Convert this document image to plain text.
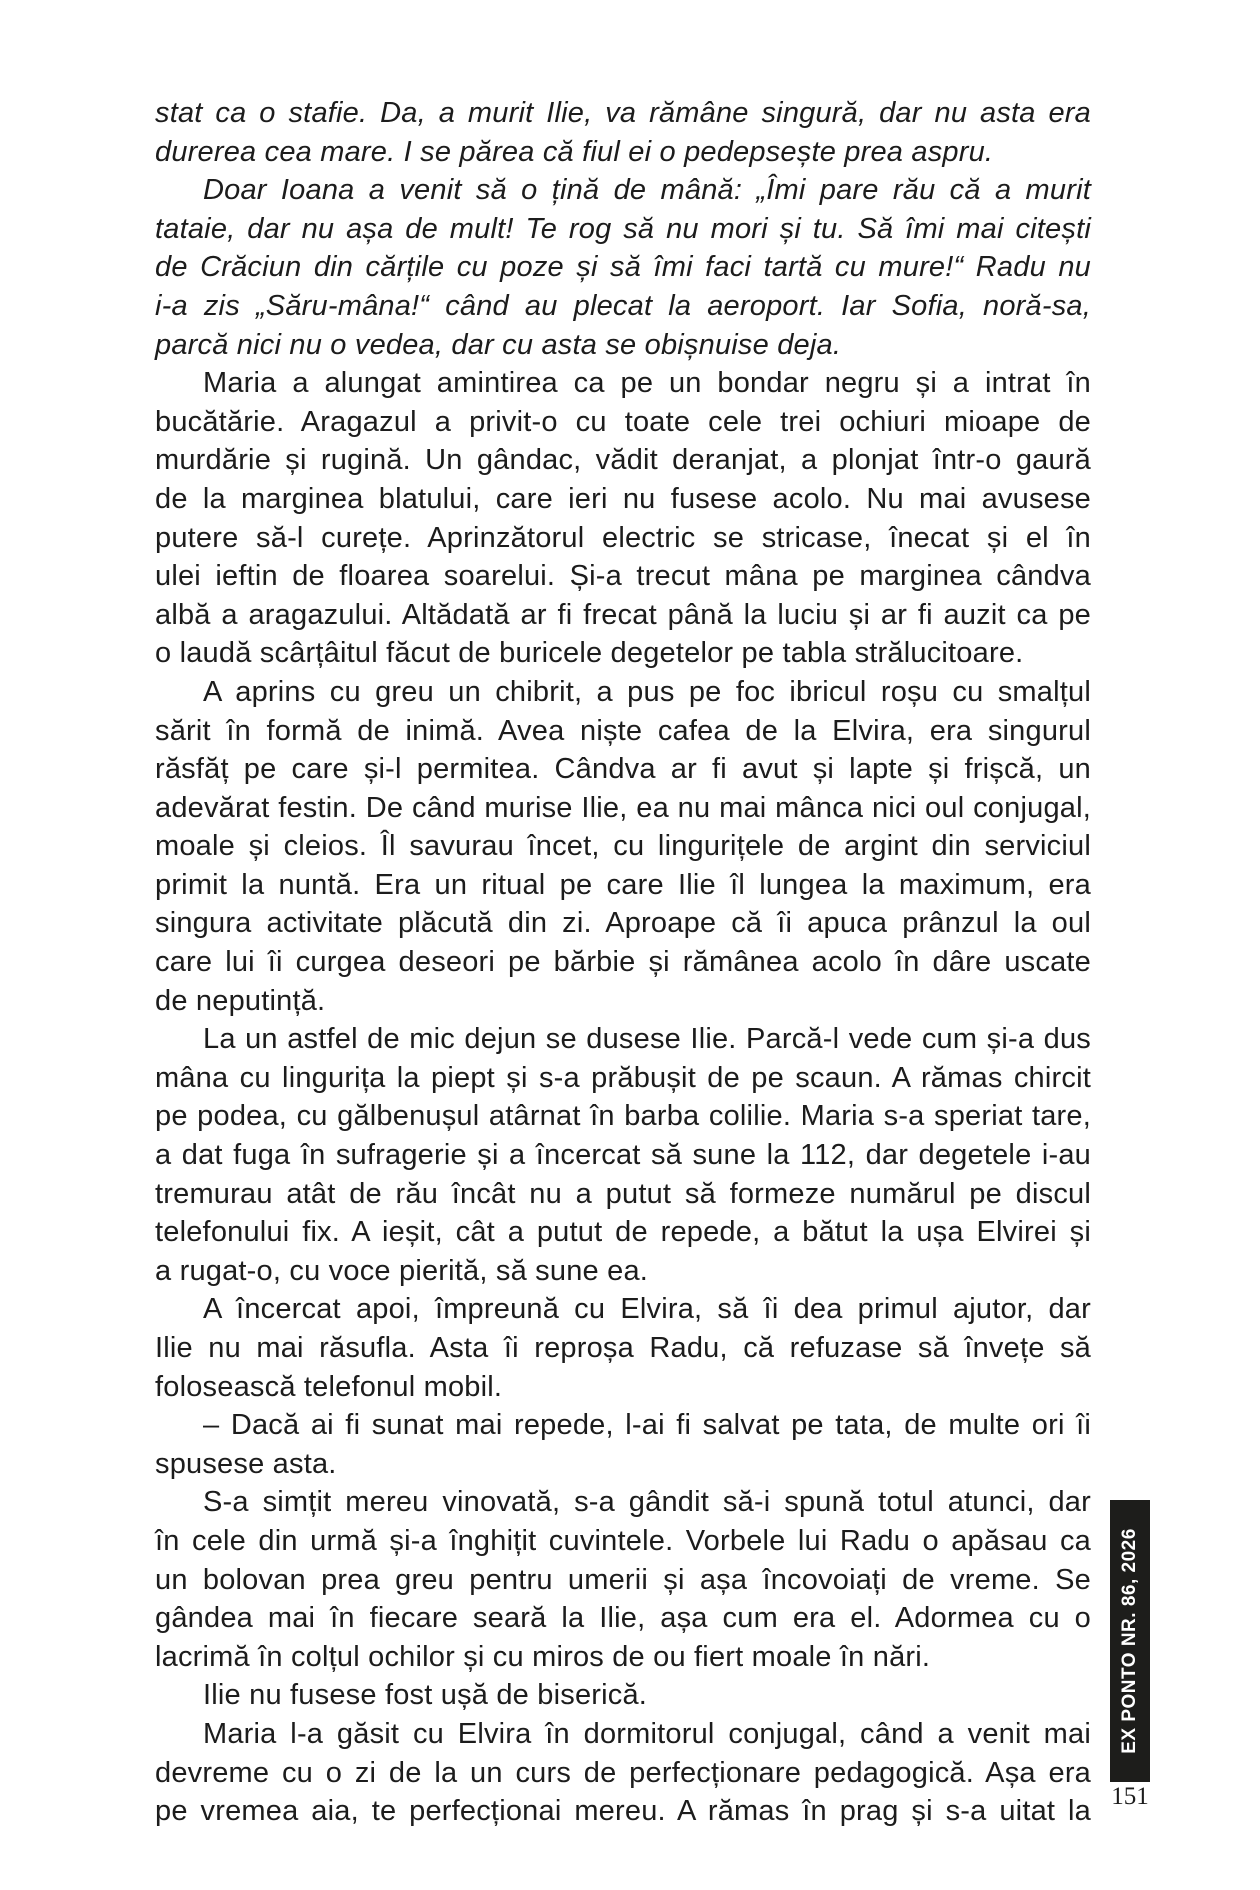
stat ca o stafie. Da, a murit Ilie, va rămâne singură, dar nu asta era
durerea cea mare. I se părea că fiul ei o pedepsește prea aspru.
Doar Ioana a venit să o țină de mână: „Îmi pare rău că a murit
tataie, dar nu așa de mult! Te rog să nu mori și tu. Să îmi mai citești
de Crăciun din cărțile cu poze și să îmi faci tartă cu mure!“ Radu nu
i-a zis „Săru-mâna!“ când au plecat la aeroport. Iar Sofia, noră-sa,
parcă nici nu o vedea, dar cu asta se obișnuise deja.
Maria a alungat amintirea ca pe un bondar negru și a intrat în
bucătărie. Aragazul a privit-o cu toate cele trei ochiuri mioape de
murdărie și rugină. Un gândac, vădit deranjat, a plonjat într-o gaură
de la marginea blatului, care ieri nu fusese acolo. Nu mai avusese
putere să-l curețe. Aprinzătorul electric se stricase, înecat și el în
ulei ieftin de floarea soarelui. Și-a trecut mâna pe marginea cândva
albă a aragazului. Altădată ar fi frecat până la luciu și ar fi auzit ca pe
o laudă scârțâitul făcut de buricele degetelor pe tabla strălucitoare.
A aprins cu greu un chibrit, a pus pe foc ibricul roșu cu smalțul
sărit în formă de inimă. Avea niște cafea de la Elvira, era singurul
răsfăț pe care și-l permitea. Cândva ar fi avut și lapte și frișcă, un
adevărat festin. De când murise Ilie, ea nu mai mânca nici oul conjugal,
moale și cleios. Îl savurau încet, cu lingurițele de argint din serviciul
primit la nuntă. Era un ritual pe care Ilie îl lungea la maximum, era
singura activitate plăcută din zi. Aproape că îi apuca prânzul la oul
care lui îi curgea deseori pe bărbie și rămânea acolo în dâre uscate
de neputință.
La un astfel de mic dejun se dusese Ilie. Parcă-l vede cum și-a dus
mâna cu lingurița la piept și s-a prăbușit de pe scaun. A rămas chircit
pe podea, cu gălbenușul atârnat în barba colilie. Maria s-a speriat tare,
a dat fuga în sufragerie și a încercat să sune la 112, dar degetele i-au
tremurau atât de rău încât nu a putut să formeze numărul pe discul
telefonului fix. A ieșit, cât a putut de repede, a bătut la ușa Elvirei și
a rugat-o, cu voce pierită, să sune ea.
A încercat apoi, împreună cu Elvira, să îi dea primul ajutor, dar
Ilie nu mai răsufla. Asta îi reproșa Radu, că refuzase să învețe să
folosească telefonul mobil.
– Dacă ai fi sunat mai repede, l-ai fi salvat pe tata, de multe ori îi
spusese asta.
S-a simțit mereu vinovată, s-a gândit să-i spună totul atunci, dar
în cele din urmă și-a înghițit cuvintele. Vorbele lui Radu o apăsau ca
un bolovan prea greu pentru umerii și așa încovoiați de vreme. Se
gândea mai în fiecare seară la Ilie, așa cum era el. Adormea cu o
lacrimă în colțul ochilor și cu miros de ou fiert moale în nări.
Ilie nu fusese fost ușă de biserică.
Maria l-a găsit cu Elvira în dormitorul conjugal, când a venit mai
devreme cu o zi de la un curs de perfecționare pedagogică. Așa era
pe vremea aia, te perfecționai mereu. A rămas în prag și s-a uitat la
EX PONTO NR. 86, 2026
151
